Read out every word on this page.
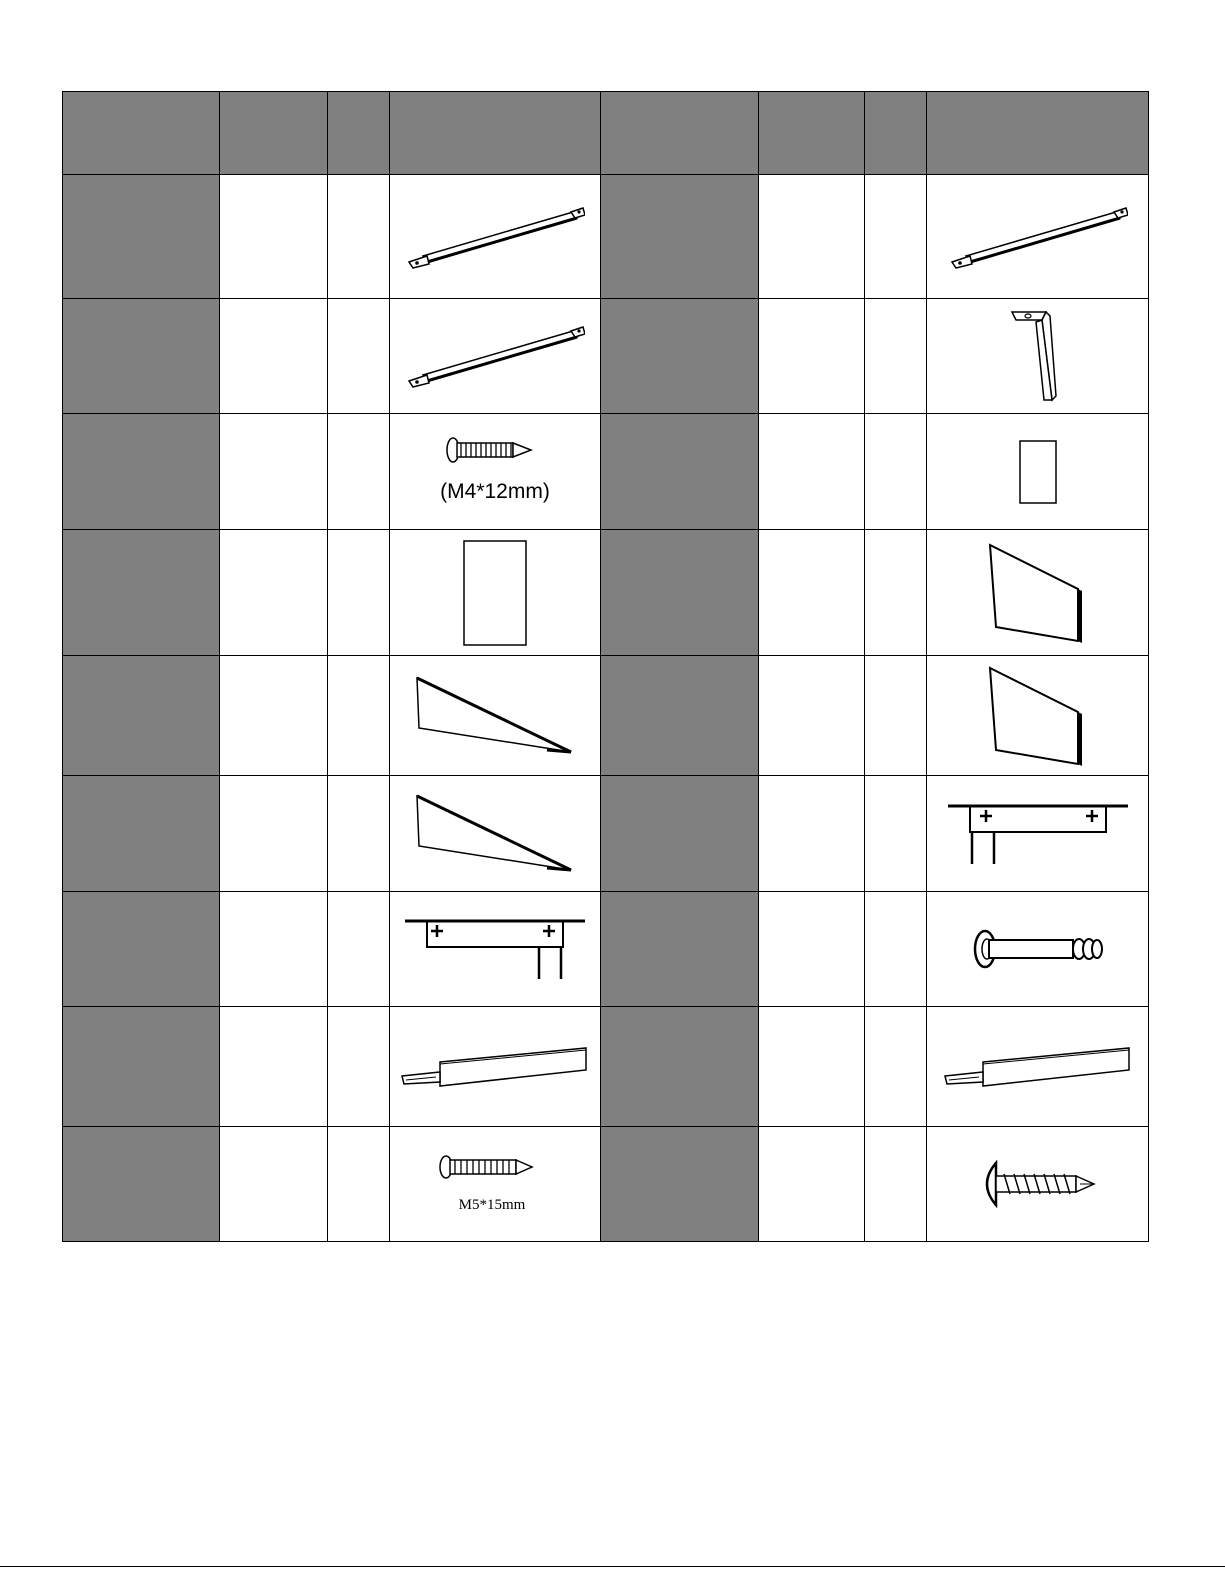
(M4*12mm)

M5*15mm
